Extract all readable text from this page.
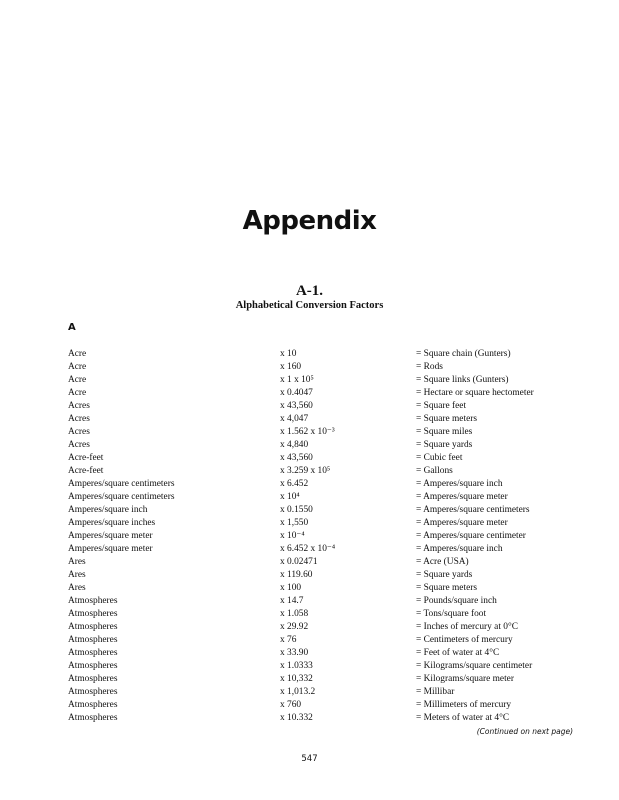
Appendix
A-1.
Alphabetical Conversion Factors
A
Acre	x 10	= Square chain (Gunters)
Acre	x 160	= Rods
Acre	x 1 x 10⁵	= Square links (Gunters)
Acre	x 0.4047	= Hectare or square hectometer
Acres	x 43,560	= Square feet
Acres	x 4,047	= Square meters
Acres	x 1.562 x 10⁻³	= Square miles
Acres	x 4,840	= Square yards
Acre-feet	x 43,560	= Cubic feet
Acre-feet	x 3.259 x 10⁵	= Gallons
Amperes/square centimeters	x 6.452	= Amperes/square inch
Amperes/square centimeters	x 10⁴	= Amperes/square meter
Amperes/square inch	x 0.1550	= Amperes/square centimeters
Amperes/square inches	x 1,550	= Amperes/square meter
Amperes/square meter	x 10⁻⁴	= Amperes/square centimeter
Amperes/square meter	x 6.452 x 10⁻⁴	= Amperes/square inch
Ares	x 0.02471	= Acre (USA)
Ares	x 119.60	= Square yards
Ares	x 100	= Square meters
Atmospheres	x 14.7	= Pounds/square inch
Atmospheres	x 1.058	= Tons/square foot
Atmospheres	x 29.92	= Inches of mercury at 0°C
Atmospheres	x 76	= Centimeters of mercury
Atmospheres	x 33.90	= Feet of water at 4°C
Atmospheres	x 1.0333	= Kilograms/square centimeter
Atmospheres	x 10,332	= Kilograms/square meter
Atmospheres	x 1,013.2	= Millibar
Atmospheres	x 760	= Millimeters of mercury
Atmospheres	x 10.332	= Meters of water at 4°C
(Continued on next page)
547
